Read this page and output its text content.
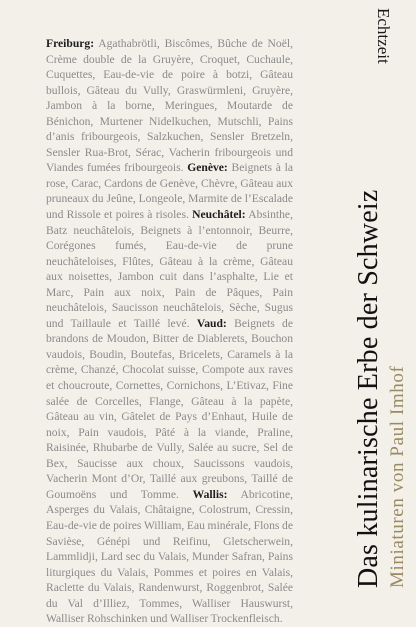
Freiburg: Agathabrötli, Biscômes, Bûche de Noël, Crème double de la Gruyère, Croquet, Cuchaule, Cuquettes, Eau-de-vie de poire à botzi, Gâteau bullois, Gâteau du Vully, Graswürmleni, Gruyère, Jambon à la borne, Meringues, Moutarde de Bénichon, Murtener Nidelkuchen, Mutschli, Pains d’anis fribourgeois, Salzkuchen, Sensler Bretzeln, Sensler Rua-Brot, Sérac, Vacherin fribourgeois und Viandes fumées fribourgeois. Genève: Beignets à la rose, Carac, Cardons de Genève, Chèvre, Gâteau aux pruneaux du Jeûne, Longeole, Marmite de l’Escalade und Rissole et poires à risoles. Neuchâtel: Absinthe, Batz neuchâtelois, Beignets à l’entonnoir, Beurre, Corégones fumés, Eau-de-vie de prune neuchâteloises, Flûtes, Gâteau à la crème, Gâteau aux noisettes, Jambon cuit dans l’asphalte, Lie et Marc, Pain aux noix, Pain de Pâques, Pain neuchâtelois, Saucisson neuchâtelois, Sèche, Sugus und Taillaule et Taillé levé. Vaud: Beignets de brandons de Moudon, Bitter de Diablerets, Bouchon vaudois, Boudin, Boutefas, Bricelets, Caramels à la crème, Chanzé, Chocolat suisse, Compote aux raves et choucroute, Cornettes, Cornichons, L’Etivaz, Fine salée de Corcelles, Flange, Gâteau à la papète, Gâteau au vin, Gâtelet de Pays d’Enhaut, Huile de noix, Pain vaudois, Pâté à la viande, Praline, Raisinée, Rhubarbe de Vully, Salée au sucre, Sel de Bex, Saucisse aux choux, Saucissons vaudois, Vacherin Mont d’Or, Taillé aux greubons, Taillé de Goumoëns und Tomme. Wallis: Abricotine, Asperges du Valais, Châtaigne, Colostrum, Cressin, Eau-de-vie de poires William, Eau minérale, Flons de Savièse, Génépi und Reifinu, Gletscherwein, Lammlidji, Lard sec du Valais, Munder Safran, Pains liturgiques du Valais, Pommes et poires en Valais, Raclette du Valais, Randenwurst, Roggenbrot, Salée du Val d’Illiez, Tommes, Walliser Hauswurst, Walliser Rohschinken und Walliser Trockenfleisch.
Echtzeit
Das kulinarische Erbe der Schweiz Miniaturen von Paul Imhof
